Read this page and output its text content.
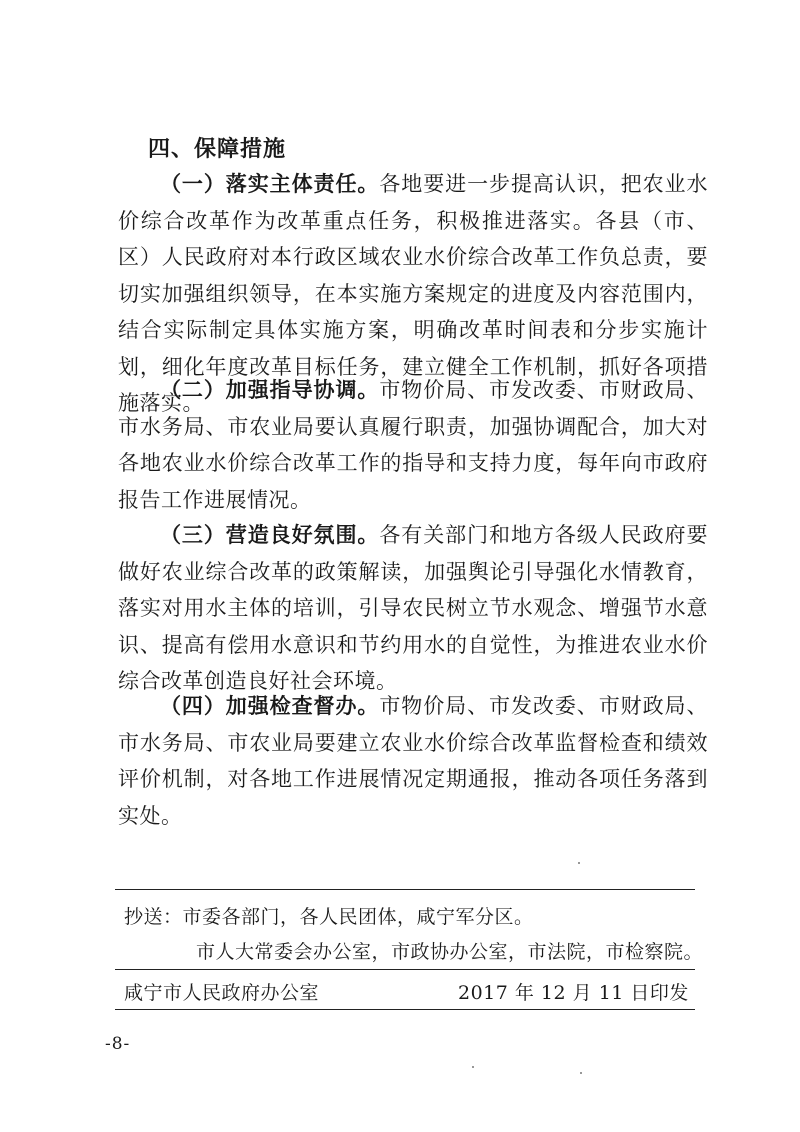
四、保障措施

（一）落实主体责任。各地要进一步提高认识，把农业水价综合改革作为改革重点任务，积极推进落实。各县（市、区）人民政府对本行政区域农业水价综合改革工作负总责，要切实加强组织领导，在本实施方案规定的进度及内容范围内，结合实际制定具体实施方案，明确改革时间表和分步实施计划，细化年度改革目标任务，建立健全工作机制，抓好各项措施落实。

（二）加强指导协调。市物价局、市发改委、市财政局、市水务局、市农业局要认真履行职责，加强协调配合，加大对各地农业水价综合改革工作的指导和支持力度，每年向市政府报告工作进展情况。

（三）营造良好氛围。各有关部门和地方各级人民政府要做好农业综合改革的政策解读，加强舆论引导强化水情教育，落实对用水主体的培训，引导农民树立节水观念、增强节水意识、提高有偿用水意识和节约用水的自觉性，为推进农业水价综合改革创造良好社会环境。

（四）加强检查督办。市物价局、市发改委、市财政局、市水务局、市农业局要建立农业水价综合改革监督检查和绩效评价机制，对各地工作进展情况定期通报，推动各项任务落到实处。

抄送：市委各部门，各人民团体，咸宁军分区。
市人大常委会办公室，市政协办公室，市法院，市检察院。
咸宁市人民政府办公室	2017 年 12 月 11 日印发
-8-
